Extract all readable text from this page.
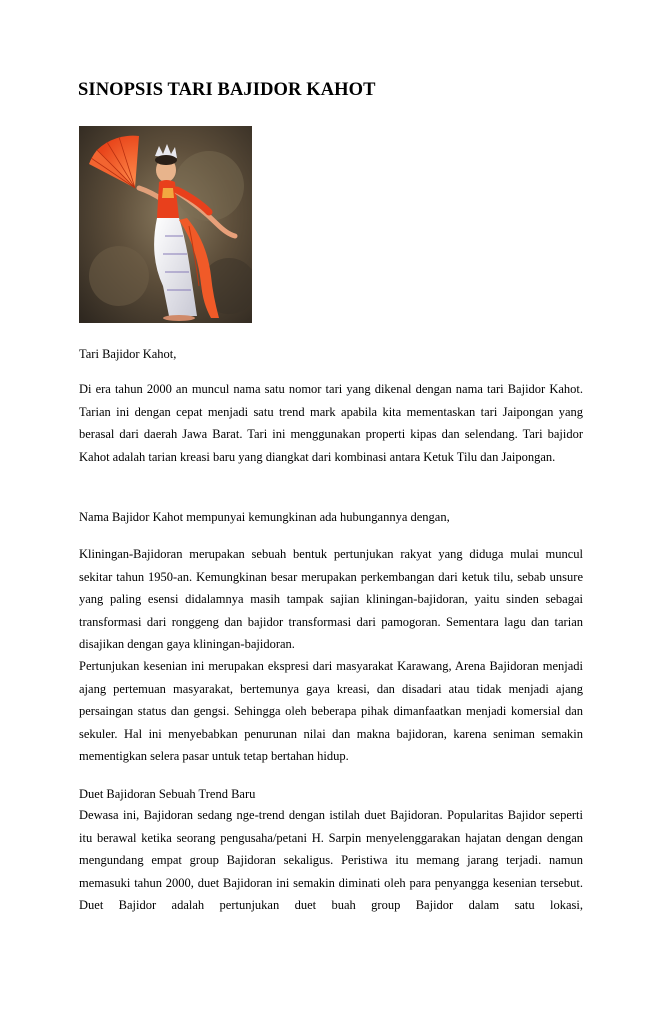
SINOPSIS TARI BAJIDOR KAHOT

Tari Bajidor Kahot,

Di era tahun 2000 an muncul nama satu nomor tari yang dikenal dengan nama tari Bajidor Kahot. Tarian ini dengan cepat menjadi satu trend mark apabila kita mementaskan tari Jaipongan yang berasal dari daerah Jawa Barat. Tari ini menggunakan properti kipas dan selendang. Tari bajidor Kahot adalah tarian kreasi baru yang diangkat dari kombinasi antara Ketuk Tilu dan Jaipongan.

Nama Bajidor Kahot mempunyai kemungkinan ada hubungannya dengan,

Kliningan-Bajidoran merupakan sebuah bentuk pertunjukan rakyat yang diduga mulai muncul sekitar tahun 1950-an. Kemungkinan besar merupakan perkembangan dari ketuk tilu, sebab unsure yang paling esensi didalamnya masih tampak sajian kliningan-bajidoran, yaitu sinden sebagai transformasi dari ronggeng dan bajidor transformasi dari pamogoran. Sementara lagu dan tarian disajikan dengan gaya kliningan-bajidoran.

Pertunjukan kesenian ini merupakan ekspresi dari masyarakat Karawang, Arena Bajidoran menjadi ajang pertemuan masyarakat, bertemunya gaya kreasi, dan disadari atau tidak menjadi ajang persaingan status dan gengsi. Sehingga oleh beberapa pihak dimanfaatkan menjadi komersial dan sekuler. Hal ini menyebabkan penurunan nilai dan makna bajidoran, karena seniman semakin mementigkan selera pasar untuk tetap bertahan hidup.

Duet Bajidoran Sebuah Trend Baru

Dewasa ini, Bajidoran sedang nge-trend dengan istilah duet Bajidoran. Popularitas Bajidor seperti itu berawal ketika seorang pengusaha/petani H. Sarpin menyelenggarakan hajatan dengan dengan mengundang empat group Bajidoran sekaligus. Peristiwa itu memang jarang terjadi. namun memasuki tahun 2000, duet Bajidoran ini semakin diminati oleh para penyangga kesenian tersebut. Duet Bajidor adalah pertunjukan duet buah group Bajidor dalam satu lokasi,
